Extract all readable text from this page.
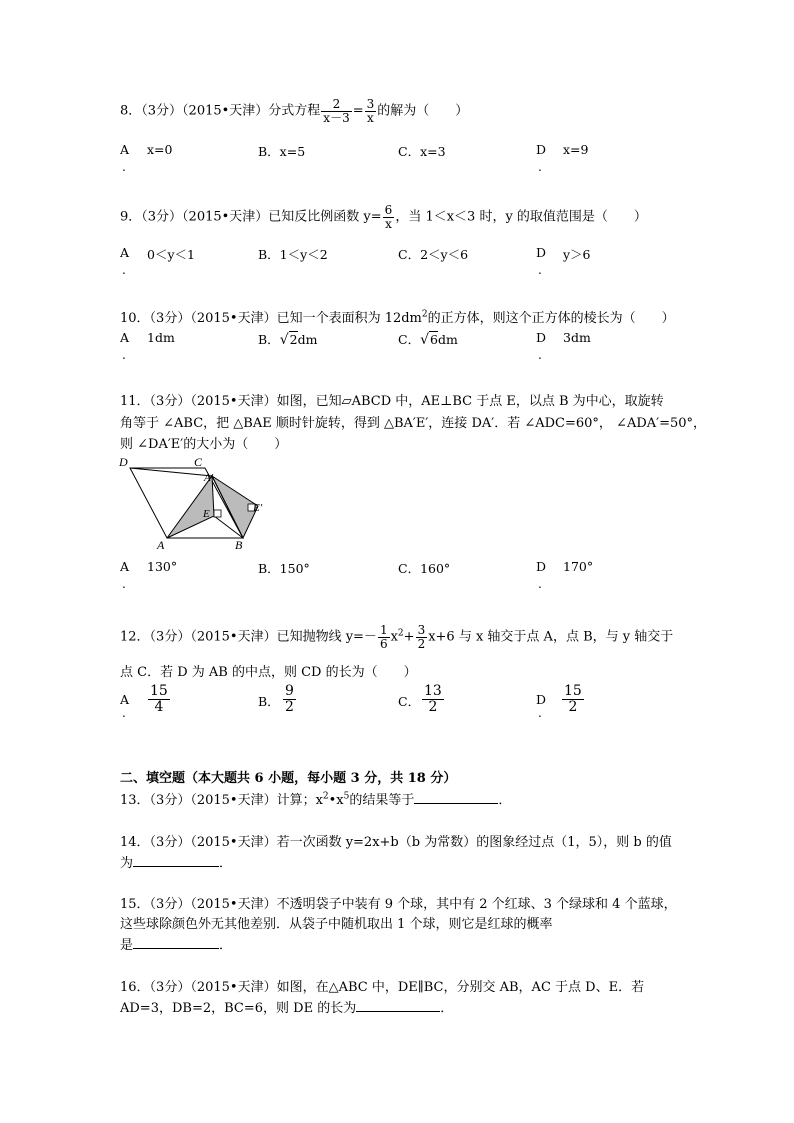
8．（3分）（2015•天津）分式方程 $\frac{2}{x-3} = \frac{3}{x}$ 的解为（　　）
A x=0
.
B．x=5	C．x=3	D x=9
.
9．（3分）（2015•天津）已知反比例函数 $y= \frac{6}{x}$ ，当 1＜x＜3 时，y 的取值范围是（　　）
A 0＜y＜1
.
B．1＜y＜2	C．2＜y＜6	D y＞6
.
10．（3分）（2015•天津）已知一个表面积为 $12dm^2$的正方体，则这个正方体的棱长为（　　）
A 1dm
.
B．√2dm	C．√6dm	D 3dm
.
11．（3分）（2015•天津）如图，已知▱ABCD 中，AE⊥BC 于点 E，以点 B 为中心，取旋转
角等于 ∠ABC，把 △BAE 顺时针旋转，得到 △BA′E′，连接 DA′．若 ∠ADC=60°， ∠ADA′=50°，
则 ∠DA′E′的大小为（　　）
D	C
A′
E′
E
A	B
A 130°
.
B．150°	C．160°	D 170°
.
12．（3分）（2015•天津）已知抛物线 $y=- \frac{1}{6} x^2+ \frac{3}{2} x+6$ 与 x 轴交于点 A，点 B，与 y 轴交于
点 C．若 D 为 AB 的中点，则 CD 的长为（　　）
A $\frac{15}{4}$
.
B． $\frac{9}{2}$	C． $\frac{13}{2}$	D $\frac{15}{2}$
.
二、填空题（本大题共 6 小题，每小题 3 分，共 18 分）
13．（3分）（2015•天津）计算；$x^2•x^5$的结果等于	．
14．（3分）（2015•天津）若一次函数 y=2x+b（b 为常数）的图象经过点（1，5），则 b 的值
为	．
15．（3分）（2015•天津）不透明袋子中装有 9 个球，其中有 2 个红球、3 个绿球和 4 个蓝球，
这些球除颜色外无其他差别．从袋子中随机取出 1 个球，则它是红球的概率
是	．
16．（3分）（2015•天津）如图，在△ABC 中，DE∥BC，分别交 AB，AC 于点 D、E．若
AD=3，DB=2，BC=6，则 DE 的长为	．
